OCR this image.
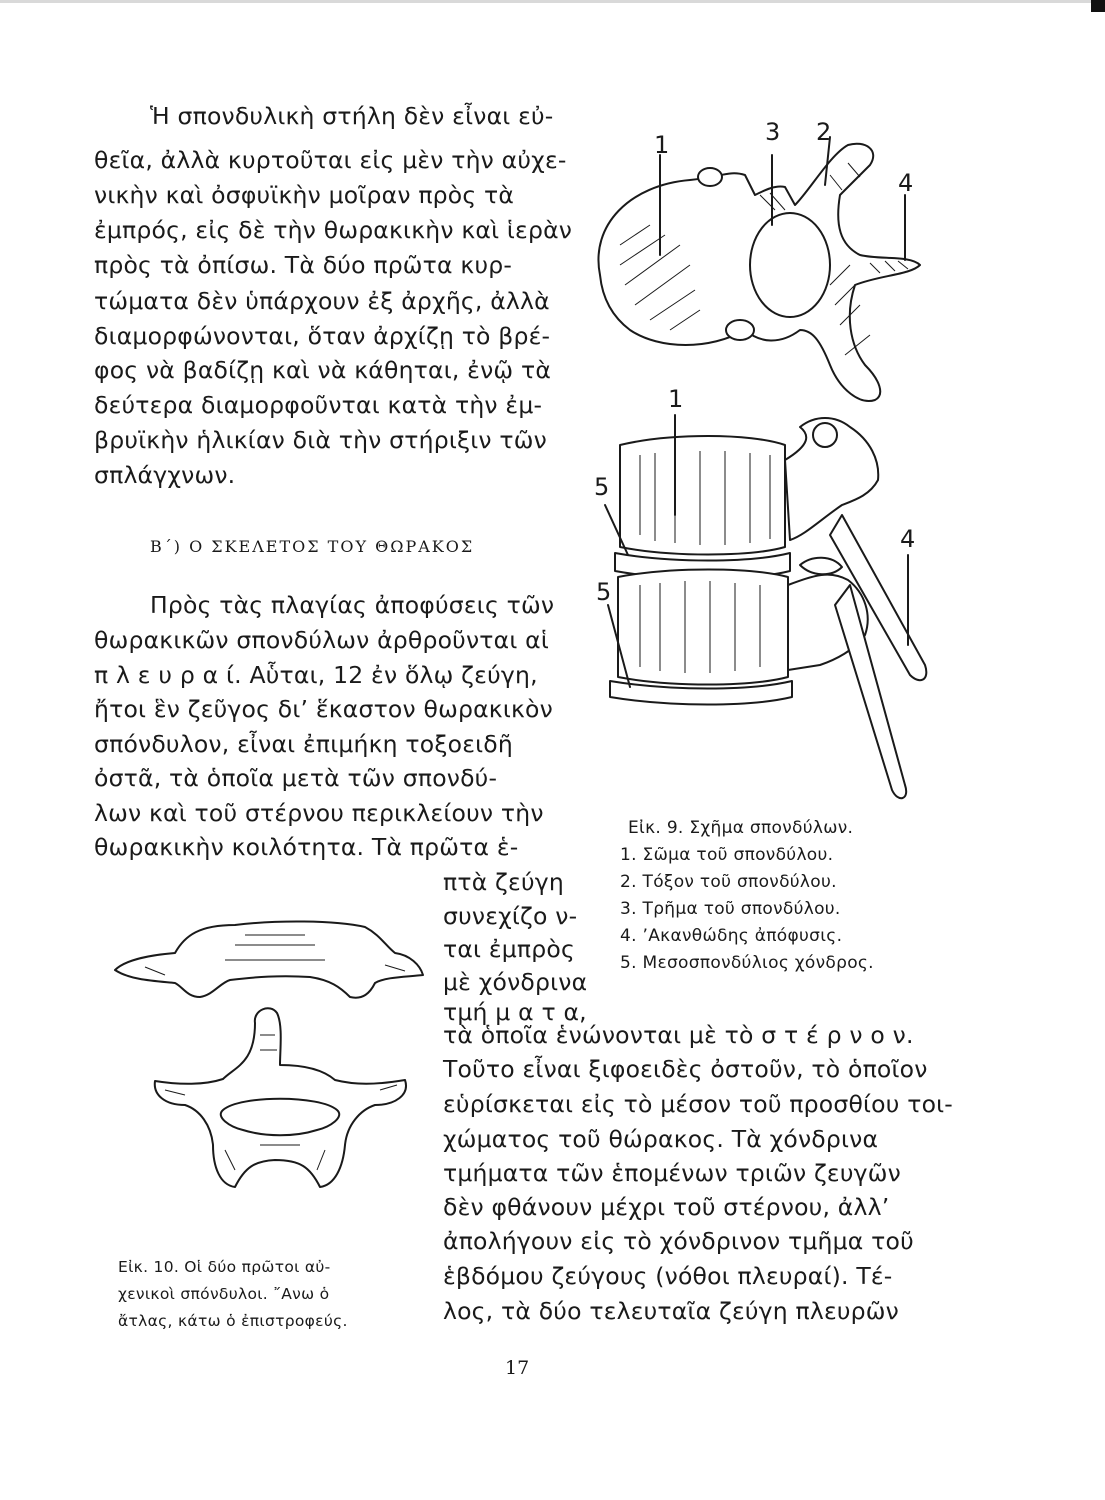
Ἡ σπονδυλικὴ στήλη δὲν εἶναι εὐ-
θεῖα, ἀλλὰ κυρτοῦται εἰς μὲν τὴν αὐχε-
νικὴν καὶ ὀσφυϊκὴν μοῖραν πρὸς τὰ
ἐμπρός, εἰς δὲ τὴν θωρακικὴν καὶ ἱερὰν
πρὸς τὰ ὀπίσω. Τὰ δύο πρῶτα κυρ-
τώματα δὲν ὑπάρχουν ἐξ ἀρχῆς, ἀλλὰ
διαμορφώνονται, ὅταν ἀρχίζῃ τὸ βρέ-
φος νὰ βαδίζῃ καὶ νὰ κάθηται, ἐνῷ τὰ
δεύτερα διαμορφοῦνται κατὰ τὴν ἐμ-
βρυϊκὴν ἡλικίαν διὰ τὴν στήριξιν τῶν
σπλάγχνων.
Β΄) Ο ΣΚΕΛΕΤΟΣ ΤΟΥ ΘΩΡΑΚΟΣ
Πρὸς τὰς πλαγίας ἀποφύσεις τῶν
θωρακικῶν σπονδύλων ἀρθροῦνται αἱ
π λ ε υ ρ α ί. Αὗται, 12 ἐν ὅλῳ ζεύγη,
ἤτοι ἓν ζεῦγος δι’ ἕκαστον θωρακικὸν
σπόνδυλον, εἶναι ἐπιμήκη τοξοειδῆ
ὀστᾶ, τὰ ὁποῖα μετὰ τῶν σπονδύ-
λων καὶ τοῦ στέρνου περικλείουν τὴν
θωρακικὴν κοιλότητα. Τὰ πρῶτα ἑ-
πτὰ ζεύγη
συνεχίζο ν-
ται ἐμπρὸς
μὲ χόνδρινα
τμή μ α τ α,
τὰ ὁποῖα ἑνώνονται μὲ τὸ σ τ έ ρ ν ο ν.
Τοῦτο εἶναι ξιφοειδὲς ὀστοῦν, τὸ ὁποῖον
εὑρίσκεται εἰς τὸ μέσον τοῦ προσθίου τοι-
χώματος τοῦ θώρακος. Τὰ χόνδρινα
τμήματα τῶν ἑπομένων τριῶν ζευγῶν
δὲν φθάνουν μέχρι τοῦ στέρνου, ἀλλ’
ἀπολήγουν εἰς τὸ χόνδρινον τμῆμα τοῦ
ἑβδόμου ζεύγους (νόθοι πλευραί). Τέ-
λος, τὰ δύο τελευταῖα ζεύγη πλευρῶν
1	3 2
4
1
5
4
5
Εἰκ. 9. Σχῆμα σπονδύλων.
1. Σῶμα τοῦ σπονδύλου.
2. Τόξον τοῦ σπονδύλου.
3. Τρῆμα τοῦ σπονδύλου.
4. ’Ακανθώδης ἀπόφυσις.
5. Μεσοσπονδύλιος χόνδρος.
Εἰκ. 10. Οἱ δύο πρῶτοι αὐ-
χενικοὶ σπόνδυλοι. ῎Ανω ὁ
ἄτλας, κάτω ὁ ἐπιστροφεύς.
17
